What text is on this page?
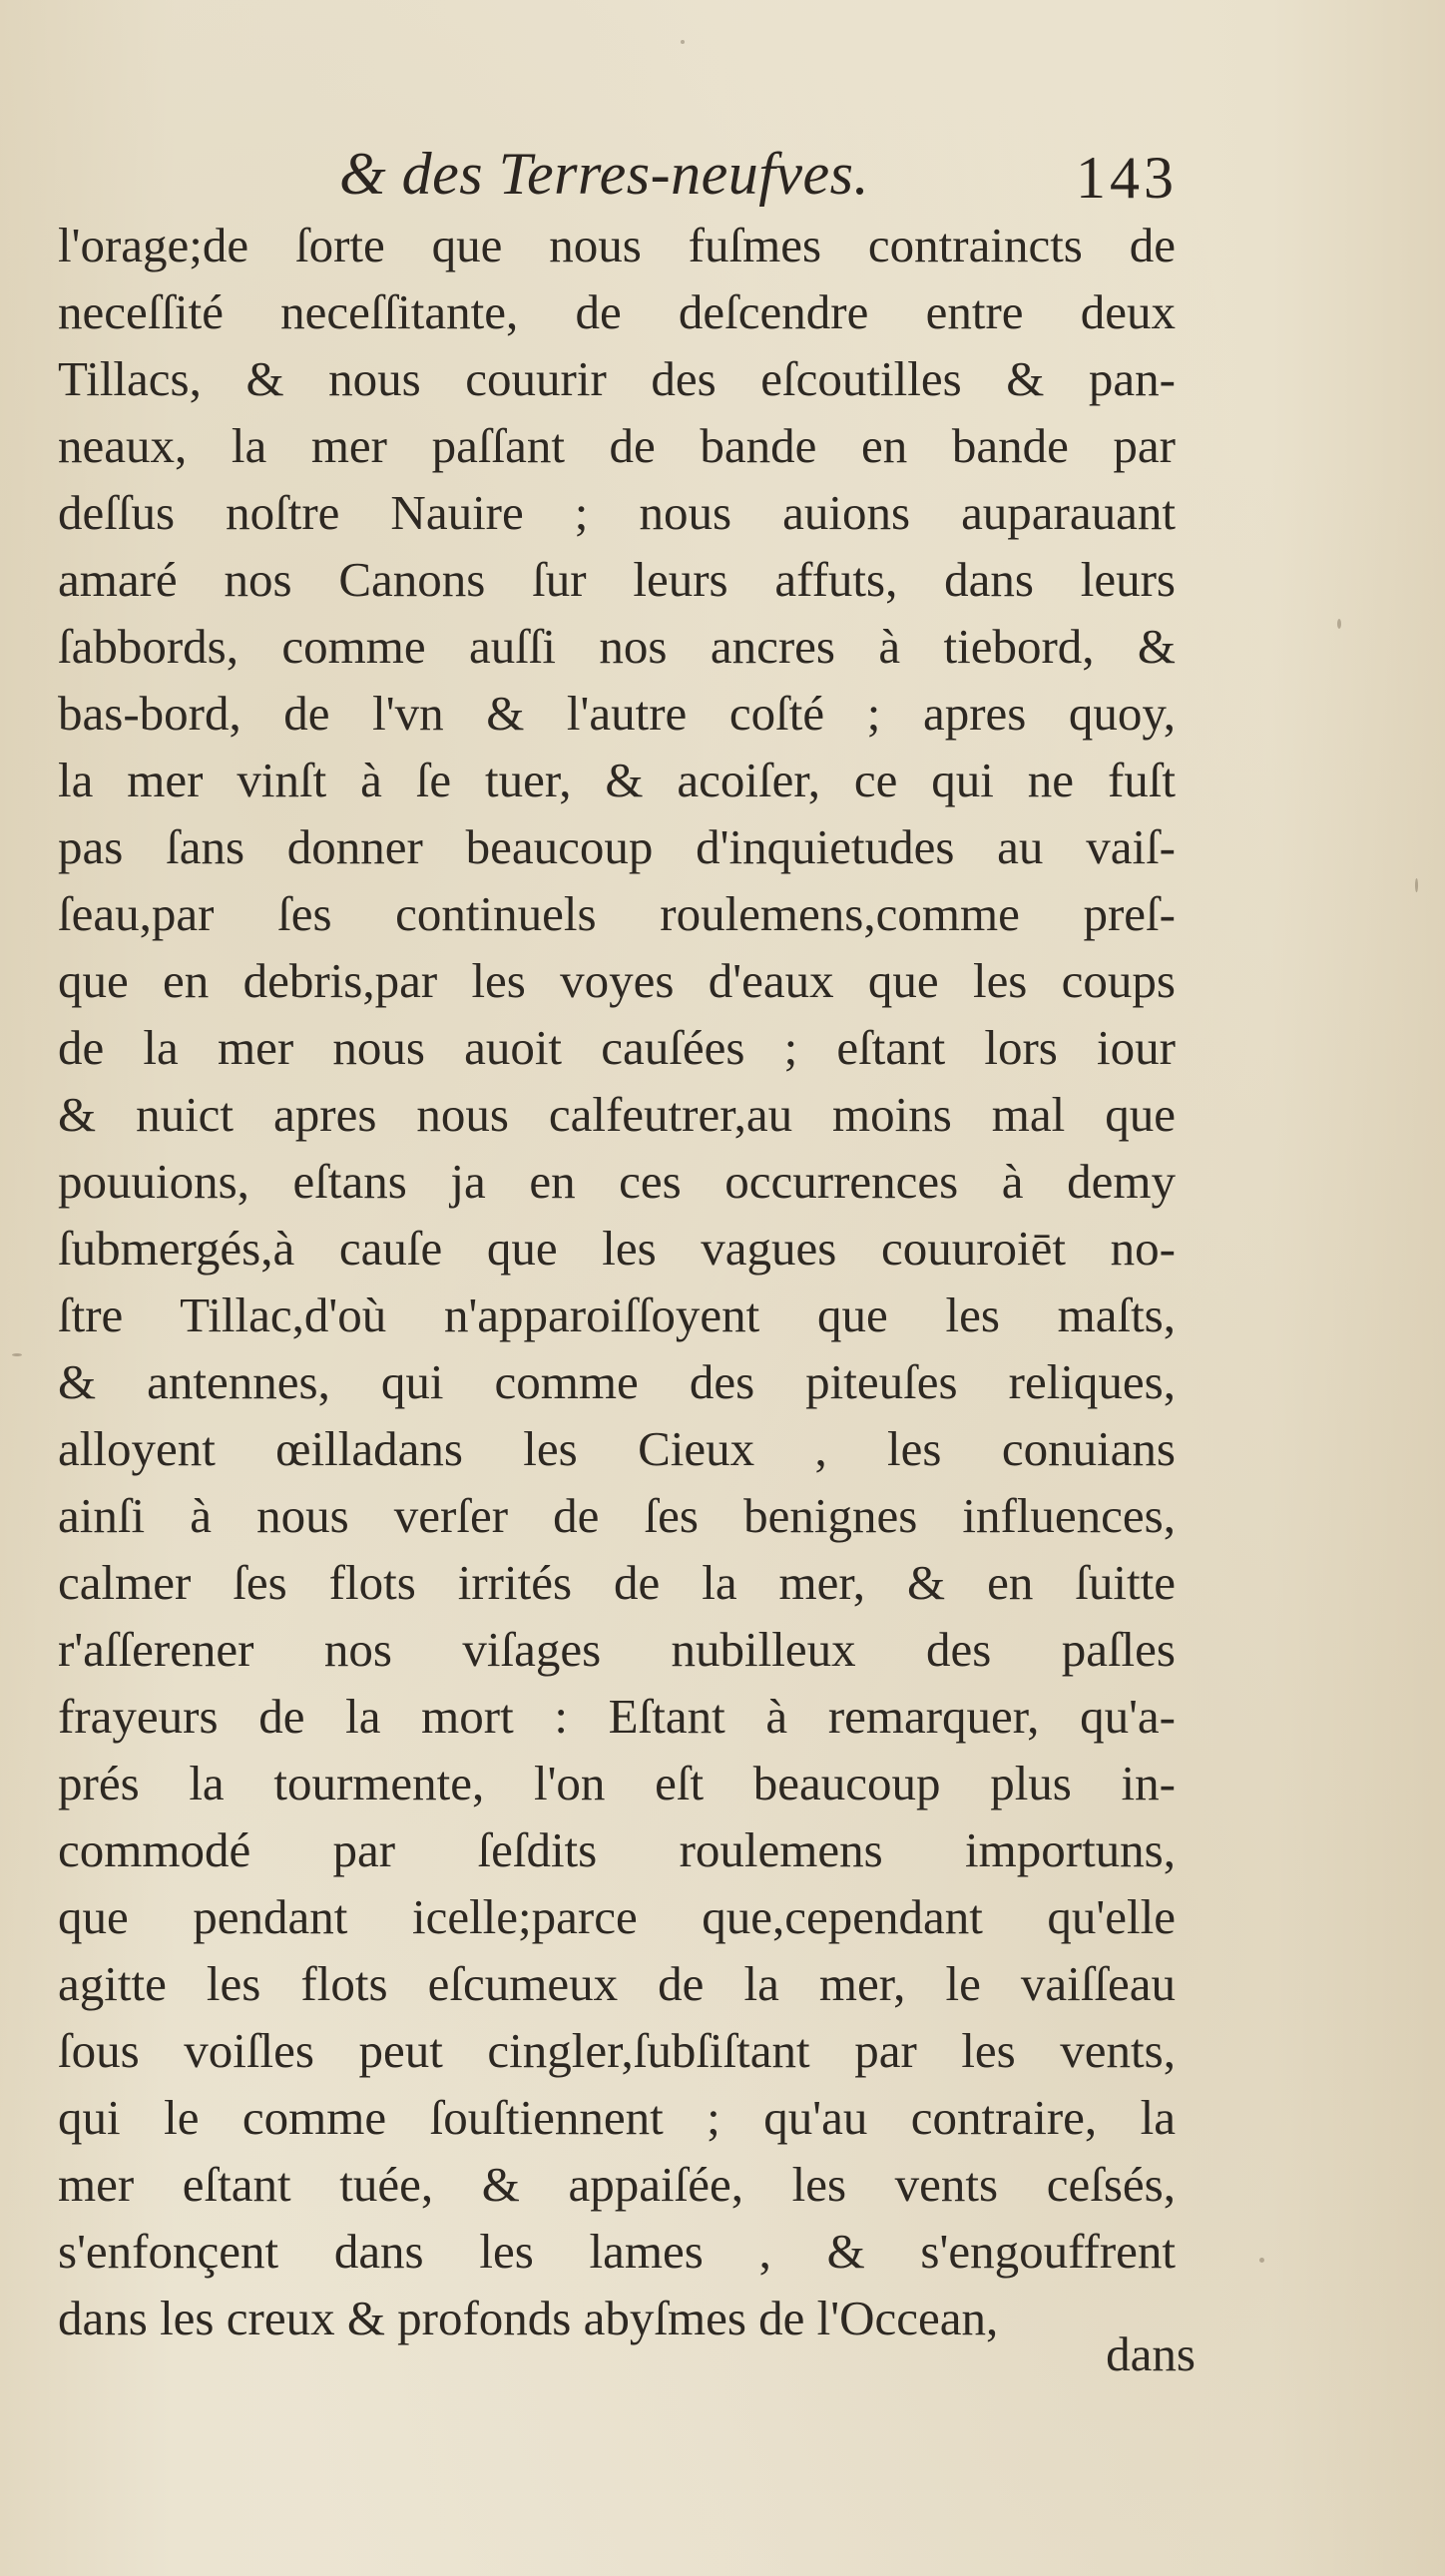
& des Terres-neufves.	143
l'orage;de ſorte que nous fuſmes contraincts de
neceſſité neceſſitante, de deſcendre entre deux
Tillacs, & nous couurir des eſcoutilles & pan-
neaux, la mer paſſant de bande en bande par
deſſus noſtre Nauire ; nous auions auparauant
amaré nos Canons ſur leurs affuts, dans leurs
ſabbords, comme auſſi nos ancres à tiebord, &
bas-bord, de l'vn & l'autre coſté ; apres quoy,
la mer vinſt à ſe tuer, & acoiſer, ce qui ne fuſt
pas ſans donner beaucoup d'inquietudes au vaiſ-
ſeau,par ſes continuels roulemens,comme preſ-
que en debris,par les voyes d'eaux que les coups
de la mer nous auoit cauſées ; eſtant lors iour
& nuict apres nous calfeutrer,au moins mal que
pouuions, eſtans ja en ces occurrences à demy
ſubmergés,à cauſe que les vagues couuroiēt no-
ſtre Tillac,d'où n'apparoiſſoyent que les maſts,
& antennes, qui comme des piteuſes reliques,
alloyent œilladans les Cieux , les conuians
ainſi à nous verſer de ſes benignes influences,
calmer ſes flots irrités de la mer, & en ſuitte
r'aſſerener nos viſages nubilleux des paſles
frayeurs de la mort : Eſtant à remarquer, qu'a-
prés la tourmente, l'on eſt beaucoup plus in-
commodé par ſeſdits roulemens importuns,
que pendant icelle;parce que,cependant qu'elle
agitte les flots eſcumeux de la mer, le vaiſſeau
ſous voiſles peut cingler,ſubſiſtant par les vents,
qui le comme ſouſtiennent ; qu'au contraire, la
mer eſtant tuée, & appaiſée, les vents ceſsés,
s'enfonçent dans les lames , & s'engouffrent
dans les creux & profonds abyſmes de l'Occean,
dans
